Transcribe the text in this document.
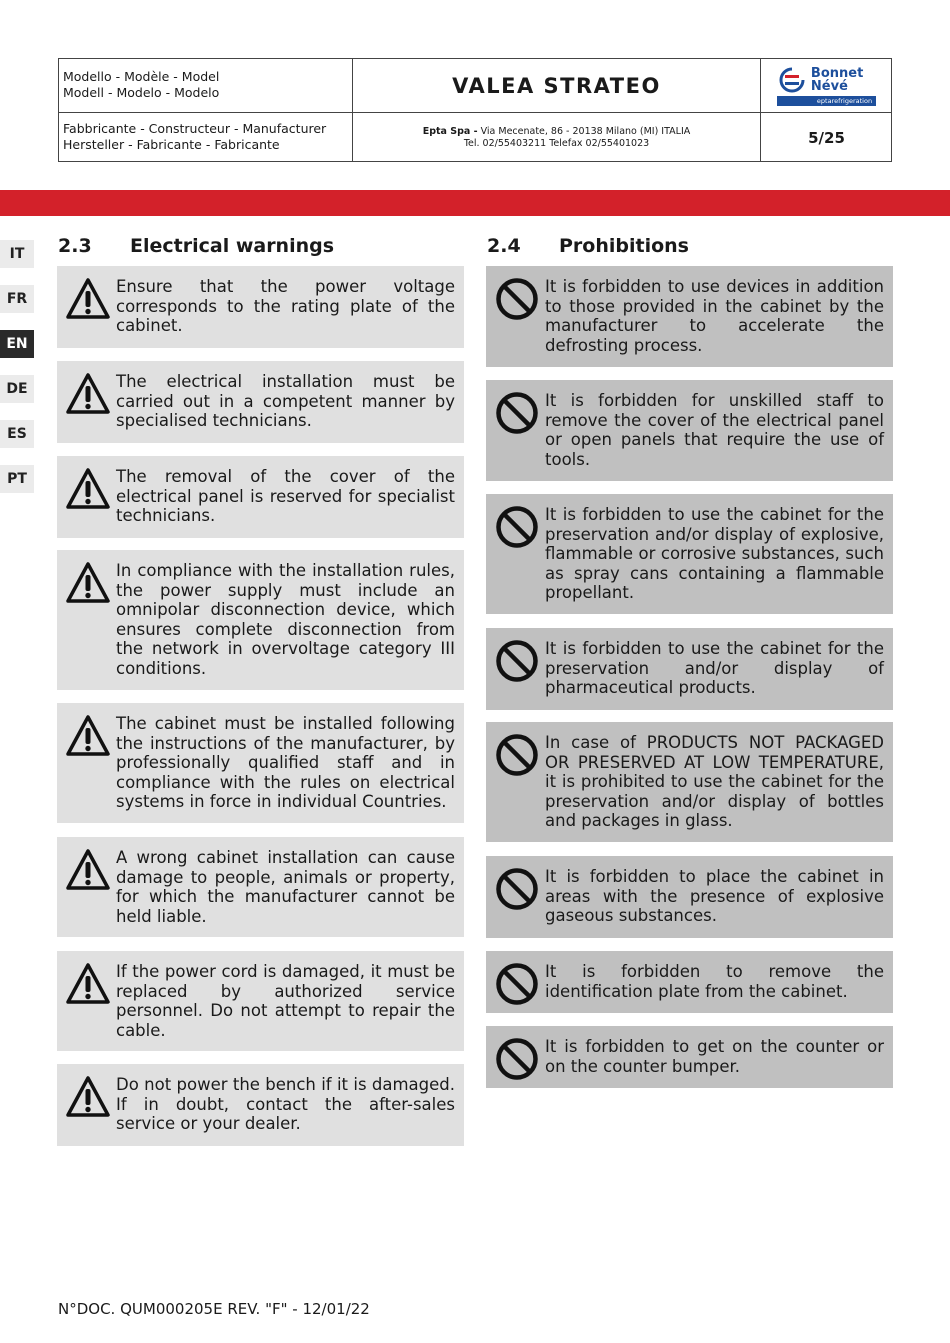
Modello - Modèle - Model
Modell - Modelo - Modelo	VALEA STRATEO
Bonnet
Névé
eptarefrigeration
Fabbricante - Constructeur - Manufacturer
Hersteller - Fabricante - Fabricante
Epta Spa - Via Mecenate, 86 - 20138 Milano (MI) ITALIA
Tel. 02/55403211 Telefax 02/55401023	5/25
IT
FR
EN
DE
ES
PT
2.3 Electrical warnings	2.4 Prohibitions
Ensure that the power voltage corresponds to the rating plate of the cabinet.
The electrical installation must be carried out in a competent manner by specialised technicians.
The removal of the cover of the electrical panel is reserved for specialist technicians.
In compliance with the installation rules, the power supply must include an omnipolar disconnection device, which ensures complete disconnection from the network in overvoltage category III conditions.
The cabinet must be installed following the instructions of the manufacturer, by professionally qualified staff and in compliance with the rules on electrical systems in force in individual Countries.
A wrong cabinet installation can cause damage to people, animals or property, for which the manufacturer cannot be held liable.
If the power cord is damaged, it must be replaced by authorized service personnel. Do not attempt to repair the cable.
Do not power the bench if it is damaged. If in doubt, contact the after-sales service or your dealer.
It is forbidden to use devices in addition to those provided in the cabinet by the manufacturer to accelerate the defrosting process.
It is forbidden for unskilled staff to remove the cover of the electrical panel or open panels that require the use of tools.
It is forbidden to use the cabinet for the preservation and/or display of explosive, flammable or corrosive substances, such as spray cans containing a flammable propellant.
It is forbidden to use the cabinet for the preservation and/or display of pharmaceutical products.
In case of PRODUCTS NOT PACKAGED OR PRESERVED AT LOW TEMPERATURE, it is prohibited to use the cabinet for the preservation and/or display of bottles and packages in glass.
It is forbidden to place the cabinet in areas with the presence of explosive gaseous substances.
It is forbidden to remove the identification plate from the cabinet.
It is forbidden to get on the counter or on the counter bumper.
N°DOC. QUM000205E REV. "F" - 12/01/22
